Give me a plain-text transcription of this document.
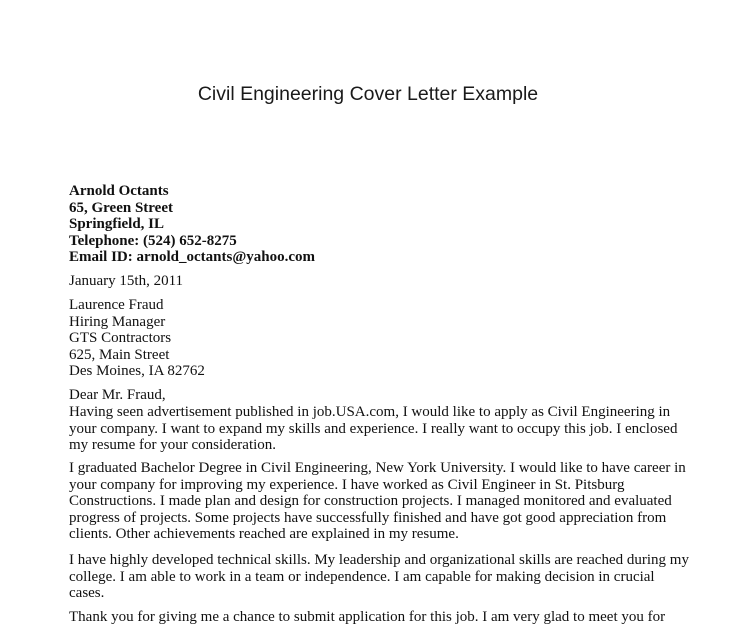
Civil Engineering Cover Letter Example
Arnold Octants
65, Green Street
Springfield, IL
Telephone: (524) 652-8275
Email ID: arnold_octants@yahoo.com
January 15th, 2011
Laurence Fraud
Hiring Manager
GTS Contractors
625, Main Street
Des Moines, IA 82762
Dear Mr. Fraud,
Having seen advertisement published in job.USA.com, I would like to apply as Civil Engineering in
your company. I want to expand my skills and experience. I really want to occupy this job. I enclosed
my resume for your consideration.
I graduated Bachelor Degree in Civil Engineering, New York University. I would like to have career in
your company for improving my experience. I have worked as Civil Engineer in St. Pitsburg
Constructions. I made plan and design for construction projects. I managed monitored and evaluated
progress of projects. Some projects have successfully finished and have got good appreciation from
clients. Other achievements reached are explained in my resume.
I have highly developed technical skills. My leadership and organizational skills are reached during my
college. I am able to work in a team or independence. I am capable for making decision in crucial
cases.
Thank you for giving me a chance to submit application for this job. I am very glad to meet you for
